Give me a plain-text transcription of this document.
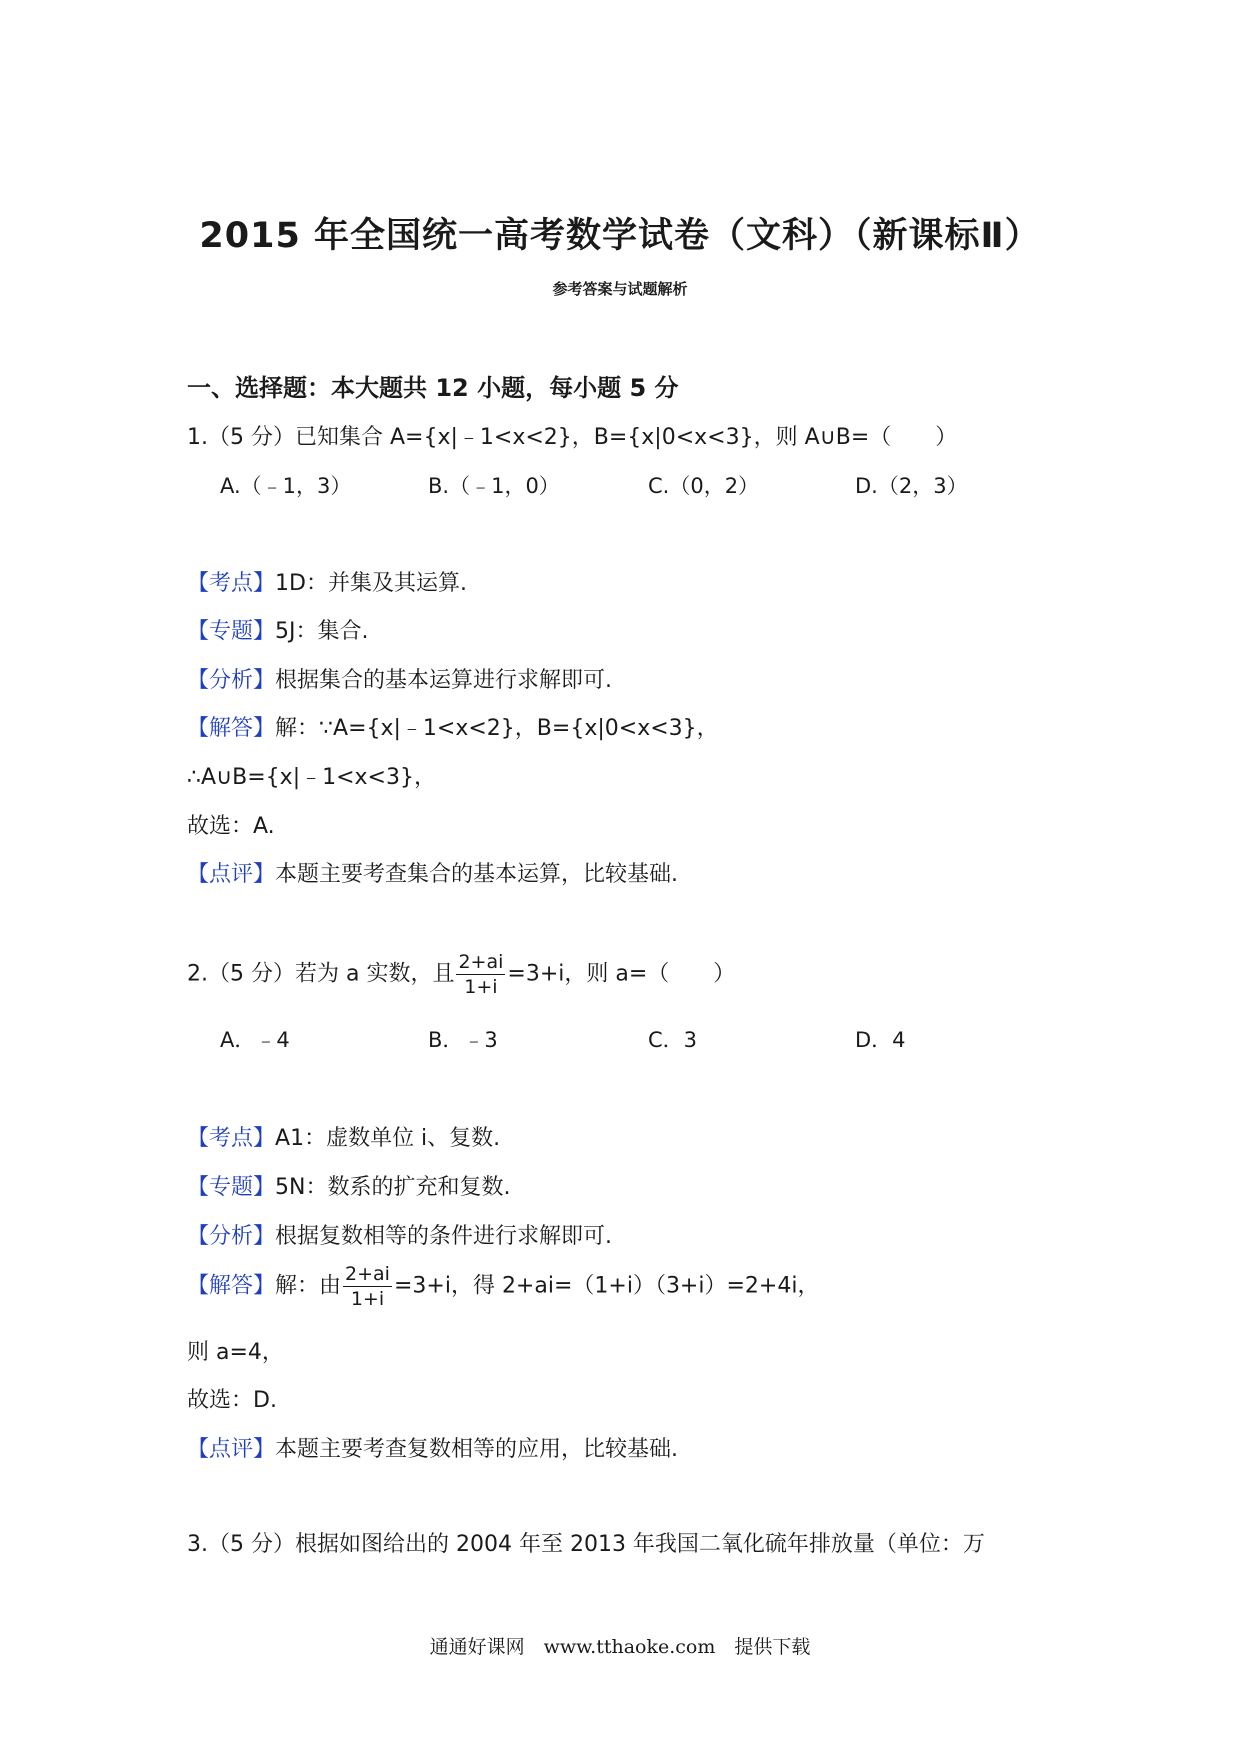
2015 年全国统一高考数学试卷（文科）（新课标Ⅱ）
参考答案与试题解析
一、选择题：本大题共 12 小题，每小题 5 分
1.（5 分）已知集合 A={x|﹣1<x<2}，B={x|0<x<3}，则 A∪B=（　　）
A.（﹣1，3）	B.（﹣1，0）	C.（0，2）	D.（2，3）
【考点】1D：并集及其运算.
【专题】5J：集合.
【分析】根据集合的基本运算进行求解即可.
【解答】解：∵A={x|﹣1<x<2}，B={x|0<x<3}，
∴A∪B={x|﹣1<x<3}，
故选：A.
【点评】本题主要考查集合的基本运算，比较基础.
2.（5 分）若为 a 实数，且 $\frac{2+ai}{1+i} =3+i$，则 a=（　　）
A．﹣4	B．﹣3	C．3	D．4
【考点】A1：虚数单位 i、复数.
【专题】5N：数系的扩充和复数.
【分析】根据复数相等的条件进行求解即可.
【解答】解：由 $\frac{2+ai}{1+i} =3+i$，得 2+ai=（1+i）（3+i）=2+4i，
则 a=4，
故选：D.
【点评】本题主要考查复数相等的应用，比较基础.
3.（5 分）根据如图给出的 2004 年至 2013 年我国二氧化硫年排放量（单位：万
通通好课网　www.tthaoke.com　提供下载
